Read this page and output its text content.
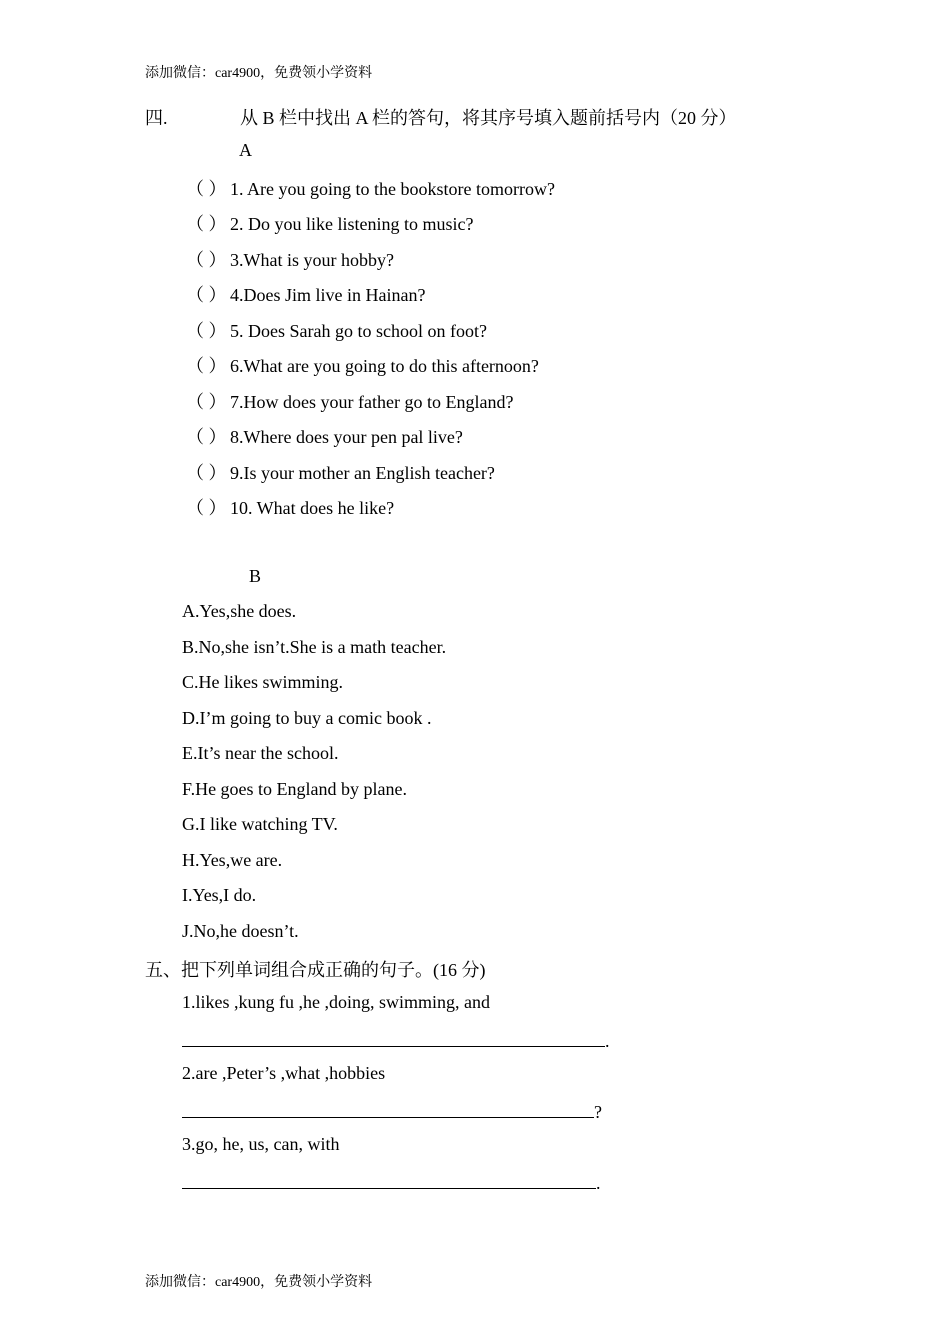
添加微信：car4900，免费领小学资料
四.	从 B 栏中找出 A 栏的答句，将其序号填入题前括号内（20 分）
A
（ ） 1. Are you going to the bookstore tomorrow?
（ ） 2. Do you like listening to music?
（ ） 3.What is your hobby?
（ ） 4.Does Jim live in Hainan?
（ ） 5. Does Sarah go to school on foot?
（ ） 6.What are you going to do this afternoon?
（ ） 7.How does your father go to England?
（ ） 8.Where does your pen pal live?
（ ） 9.Is your mother an English teacher?
（ ） 10. What does he like?
B
A.Yes,she does.
B.No,she isn’t.She is a math teacher.
C.He likes swimming.
D.I’m going to buy a comic book .
E.It’s near the school.
F.He goes to England by plane.
G.I like watching TV.
H.Yes,we are.
I.Yes,I do.
J.No,he doesn’t.
五、把下列单词组合成正确的句子。(16 分)
1.likes ,kung fu ,he ,doing, swimming, and
.
2.are ,Peter’s ,what ,hobbies
?
3.go, he, us, can, with
.
添加微信：car4900，免费领小学资料
